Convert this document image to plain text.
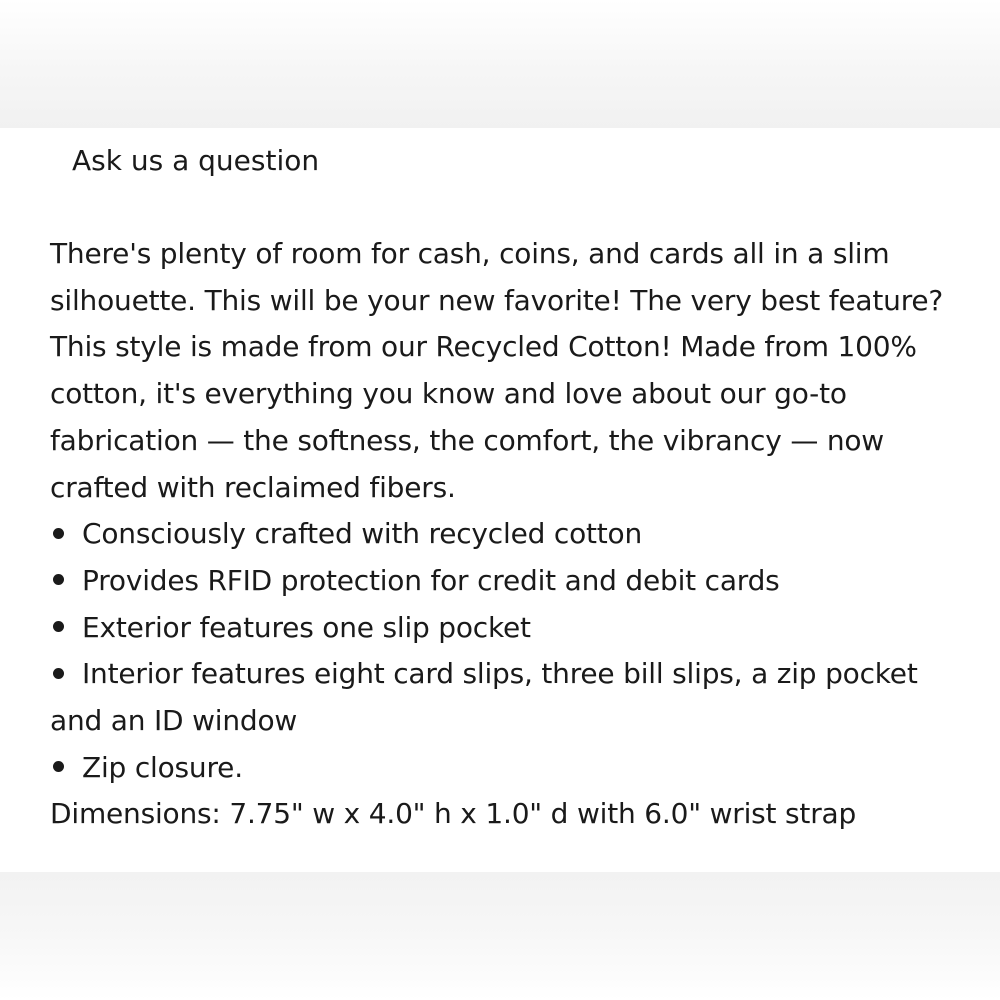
Ask us a question

There's plenty of room for cash, coins, and cards all in a slim silhouette. This will be your new favorite! The very best feature? This style is made from our Recycled Cotton! Made from 100% cotton, it's everything you know and love about our go-to fabrication — the softness, the comfort, the vibrancy — now crafted with reclaimed fibers.

Consciously crafted with recycled cotton
Provides RFID protection for credit and debit cards
Exterior features one slip pocket
Interior features eight card slips, three bill slips, a zip pocket and an ID window
Zip closure.

Dimensions: 7.75" w x 4.0" h x 1.0" d with 6.0" wrist strap
